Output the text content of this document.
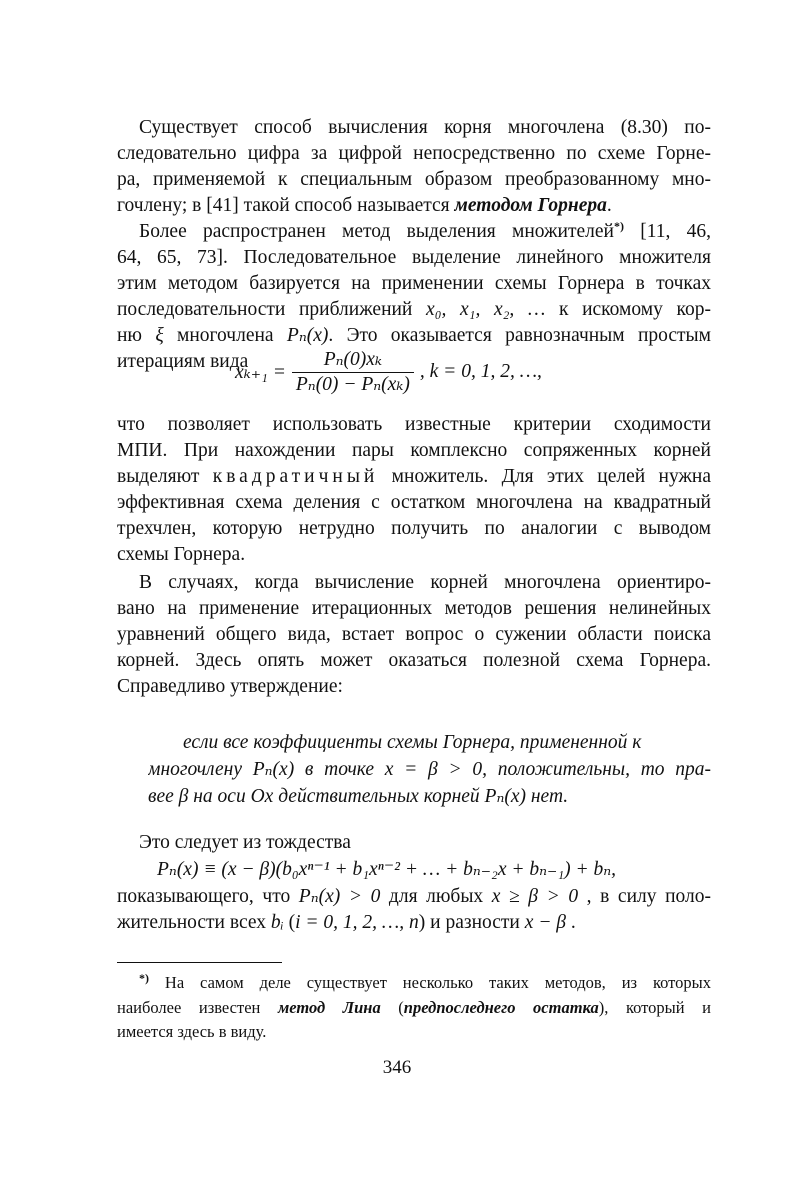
Существует способ вычисления корня многочлена (8.30) по-
следовательно цифра за цифрой непосредственно по схеме Горне-
ра, применяемой к специальным образом преобразованному мно-
гочлену; в [41] такой способ называется методом Горнера.
Более распространен метод выделения множителей*) [11, 46,
64, 65, 73]. Последовательное выделение линейного множителя
этим методом базируется на применении схемы Горнера в точках
последовательности приближений x₀, x₁, x₂, … к искомому кор-
ню ξ многочлена Pₙ(x). Это оказывается равнозначным простым
итерациям вида
что позволяет использовать известные критерии сходимости
МПИ. При нахождении пары комплексно сопряженных корней
выделяют квадратичный множитель. Для этих целей нужна
эффективная схема деления с остатком многочлена на квадратный
трехчлен, которую нетрудно получить по аналогии с выводом
схемы Горнера.
В случаях, когда вычисление корней многочлена ориентиро-
вано на применение итерационных методов решения нелинейных
уравнений общего вида, встает вопрос о сужении области поиска
корней. Здесь опять может оказаться полезной схема Горнера.
Справедливо утверждение:
если все коэффициенты схемы Горнера, примененной к
многочлену Pₙ(x) в точке x = β > 0, положительны, то пра-
вее β на оси Ox действительных корней Pₙ(x) нет.
Это следует из тождества
Pₙ(x) ≡ (x − β)(b₀xⁿ⁻¹ + b₁xⁿ⁻² + … + bₙ₋₂x + bₙ₋₁) + bₙ,
показывающего, что Pₙ(x) > 0 для любых x ≥ β > 0 , в силу поло-
жительности всех bᵢ (i = 0, 1, 2, …, n) и разности x − β .
$x_{k+1} = \frac{\text{Pₙ(0)xₖ}}{\text{Pₙ(0) − Pₙ(xₖ)}}$ , k = 0, 1, 2, …,
*) На самом деле существует несколько таких методов, из которых
наиболее известен метод Лина (предпоследнего остатка), который и
имеется здесь в виду.
346
